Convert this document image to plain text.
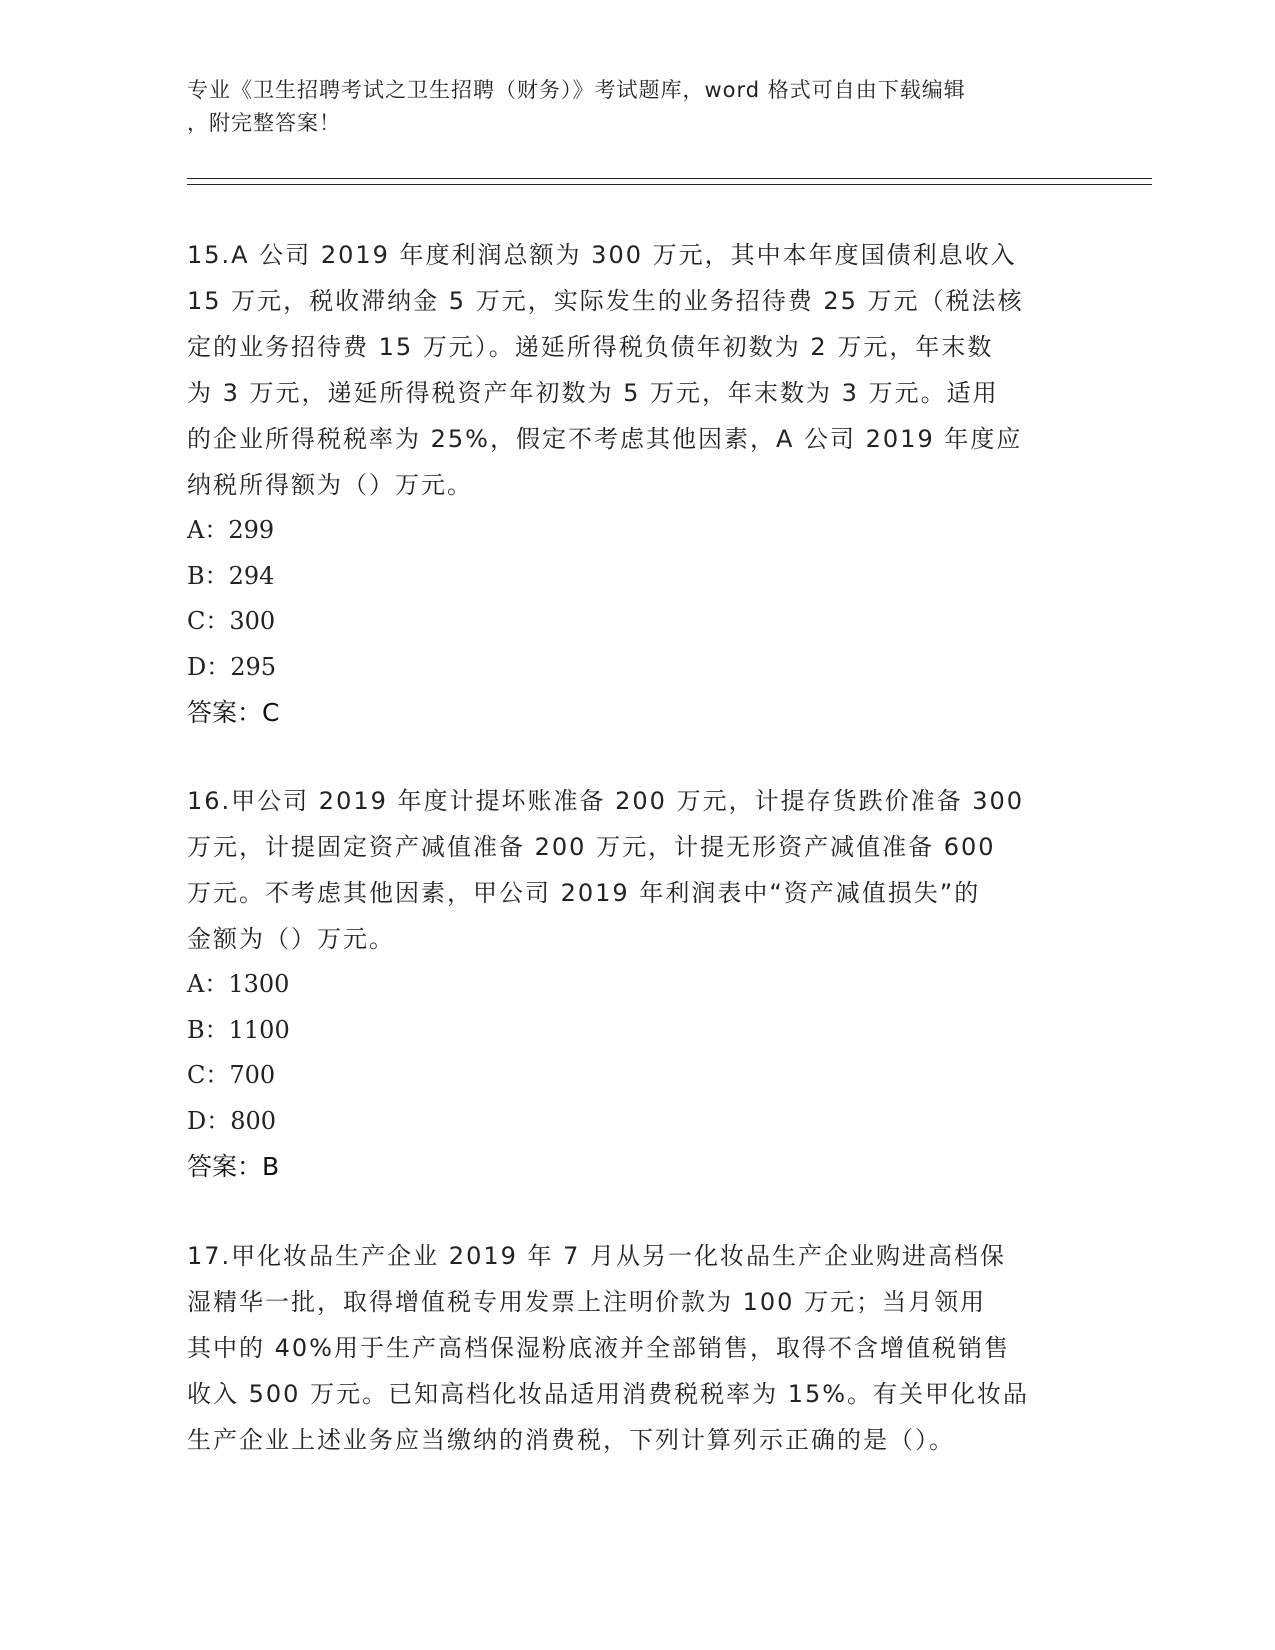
专业《卫生招聘考试之卫生招聘（财务）》考试题库，word 格式可自由下载编辑
，附完整答案！

15.A 公司 2019 年度利润总额为 300 万元，其中本年度国债利息收入

15 万元，税收滞纳金 5 万元，实际发生的业务招待费 25 万元（税法核

定的业务招待费 15 万元）。递延所得税负债年初数为 2 万元，年末数

为 3 万元，递延所得税资产年初数为 5 万元，年末数为 3 万元。适用

的企业所得税税率为 25%，假定不考虑其他因素，A 公司 2019 年度应

纳税所得额为（）万元。

A：299

B：294

C：300

D：295

答案：C

16.甲公司 2019 年度计提坏账准备 200 万元，计提存货跌价准备 300

万元，计提固定资产减值准备 200 万元，计提无形资产减值准备 600

万元。不考虑其他因素，甲公司 2019 年利润表中“资产减值损失”的

金额为（）万元。

A：1300

B：1100

C：700

D：800

答案：B

17.甲化妆品生产企业 2019 年 7 月从另一化妆品生产企业购进高档保

湿精华一批，取得增值税专用发票上注明价款为 100 万元；当月领用

其中的 40%用于生产高档保湿粉底液并全部销售，取得不含增值税销售

收入 500 万元。已知高档化妆品适用消费税税率为 15%。有关甲化妆品

生产企业上述业务应当缴纳的消费税，下列计算列示正确的是（）。
